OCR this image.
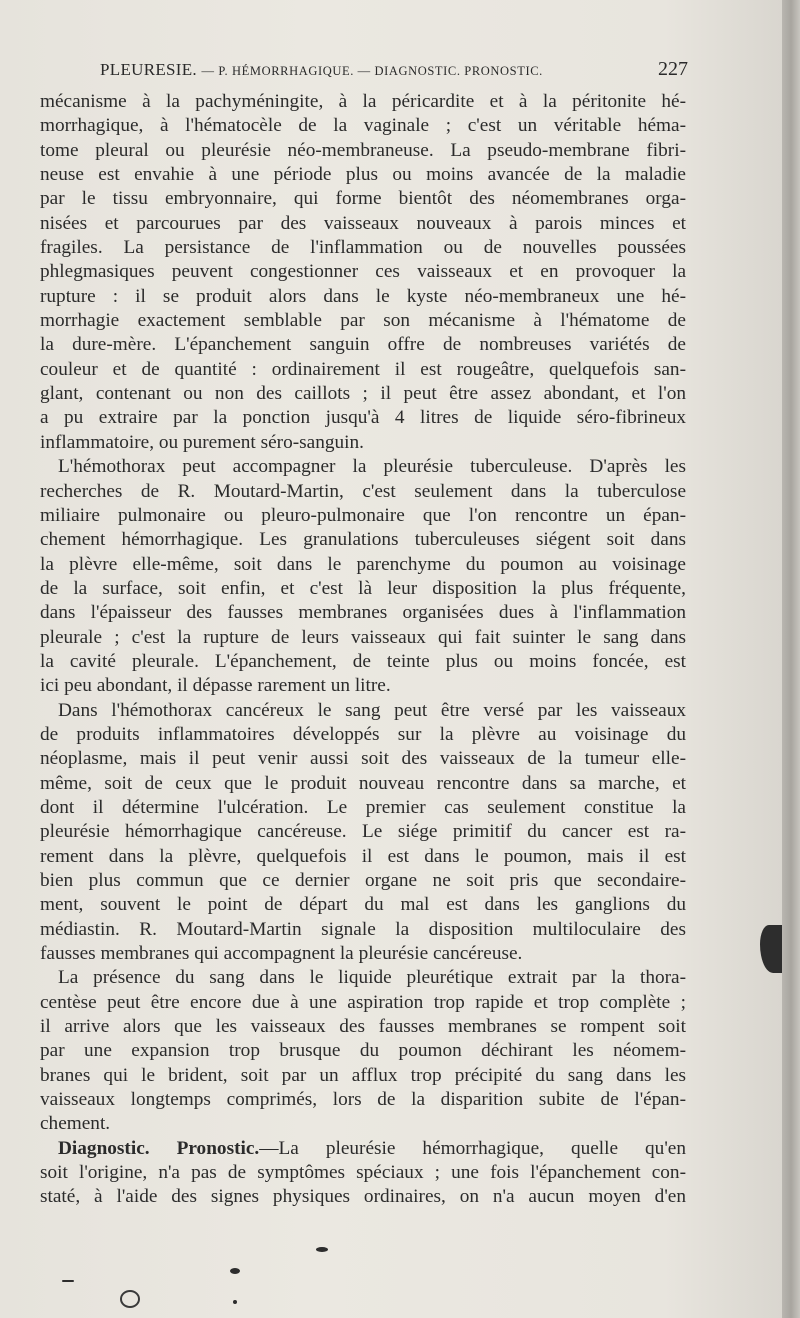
PLEURESIE. — P. HÉMORRHAGIQUE. — DIAGNOSTIC. PRONOSTIC.	227
mécanisme à la pachyméningite, à la péricardite et à la péritonite hé-
morrhagique, à l'hématocèle de la vaginale ; c'est un véritable héma-
tome pleural ou pleurésie néo-membraneuse. La pseudo-membrane fibri-
neuse est envahie à une période plus ou moins avancée de la maladie
par le tissu embryonnaire, qui forme bientôt des néomembranes orga-
nisées et parcourues par des vaisseaux nouveaux à parois minces et
fragiles. La persistance de l'inflammation ou de nouvelles poussées
phlegmasiques peuvent congestionner ces vaisseaux et en provoquer la
rupture : il se produit alors dans le kyste néo-membraneux une hé-
morrhagie exactement semblable par son mécanisme à l'hématome de
la dure-mère. L'épanchement sanguin offre de nombreuses variétés de
couleur et de quantité : ordinairement il est rougeâtre, quelquefois san-
glant, contenant ou non des caillots ; il peut être assez abondant, et l'on
a pu extraire par la ponction jusqu'à 4 litres de liquide séro-fibrineux
inflammatoire, ou purement séro-sanguin.
L'hémothorax peut accompagner la pleurésie tuberculeuse. D'après les
recherches de R. Moutard-Martin, c'est seulement dans la tuberculose
miliaire pulmonaire ou pleuro-pulmonaire que l'on rencontre un épan-
chement hémorrhagique. Les granulations tuberculeuses siégent soit dans
la plèvre elle-même, soit dans le parenchyme du poumon au voisinage
de la surface, soit enfin, et c'est là leur disposition la plus fréquente,
dans l'épaisseur des fausses membranes organisées dues à l'inflammation
pleurale ; c'est la rupture de leurs vaisseaux qui fait suinter le sang dans
la cavité pleurale. L'épanchement, de teinte plus ou moins foncée, est
ici peu abondant, il dépasse rarement un litre.
Dans l'hémothorax cancéreux le sang peut être versé par les vaisseaux
de produits inflammatoires développés sur la plèvre au voisinage du
néoplasme, mais il peut venir aussi soit des vaisseaux de la tumeur elle-
même, soit de ceux que le produit nouveau rencontre dans sa marche, et
dont il détermine l'ulcération. Le premier cas seulement constitue la
pleurésie hémorrhagique cancéreuse. Le siége primitif du cancer est ra-
rement dans la plèvre, quelquefois il est dans le poumon, mais il est
bien plus commun que ce dernier organe ne soit pris que secondaire-
ment, souvent le point de départ du mal est dans les ganglions du
médiastin. R. Moutard-Martin signale la disposition multiloculaire des
fausses membranes qui accompagnent la pleurésie cancéreuse.
La présence du sang dans le liquide pleurétique extrait par la thora-
centèse peut être encore due à une aspiration trop rapide et trop complète ;
il arrive alors que les vaisseaux des fausses membranes se rompent soit
par une expansion trop brusque du poumon déchirant les néomem-
branes qui le brident, soit par un afflux trop précipité du sang dans les
vaisseaux longtemps comprimés, lors de la disparition subite de l'épan-
chement.
Diagnostic. Pronostic.—La pleurésie hémorrhagique, quelle qu'en
soit l'origine, n'a pas de symptômes spéciaux ; une fois l'épanchement con-
staté, à l'aide des signes physiques ordinaires, on n'a aucun moyen d'en
